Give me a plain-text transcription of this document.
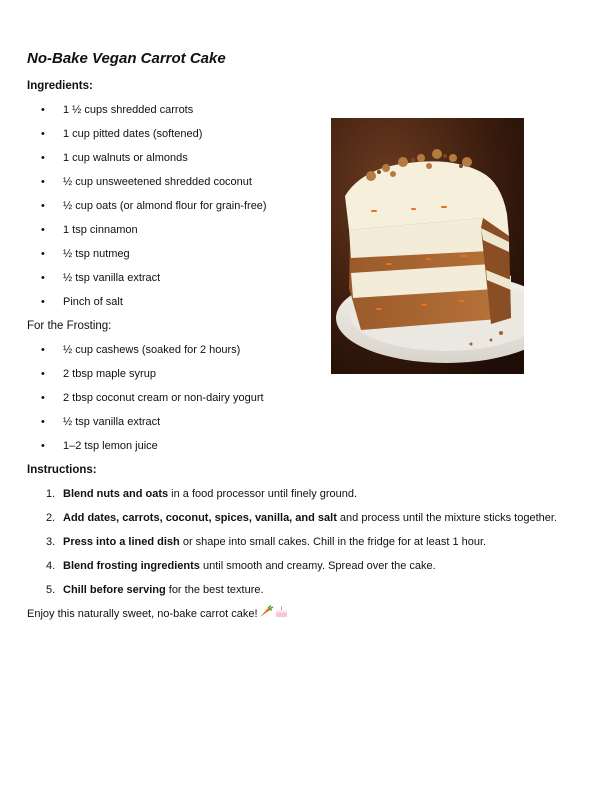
No-Bake Vegan Carrot Cake
Ingredients:
• 1 ½ cups shredded carrots
• 1 cup pitted dates (softened)
• 1 cup walnuts or almonds
• ½ cup unsweetened shredded coconut
• ½ cup oats (or almond flour for grain-free)
• 1 tsp cinnamon
• ½ tsp nutmeg
• ½ tsp vanilla extract
• Pinch of salt
For the Frosting:
• ½ cup cashews (soaked for 2 hours)
• 2 tbsp maple syrup
• 2 tbsp coconut cream or non-dairy yogurt
• ½ tsp vanilla extract
• 1–2 tsp lemon juice
Instructions:
1. Blend nuts and oats in a food processor until finely ground.
2. Add dates, carrots, coconut, spices, vanilla, and salt and process until the mixture sticks together.
3. Press into a lined dish or shape into small cakes. Chill in the fridge for at least 1 hour.
4. Blend frosting ingredients until smooth and creamy. Spread over the cake.
5. Chill before serving for the best texture.
Enjoy this naturally sweet, no-bake carrot cake!
